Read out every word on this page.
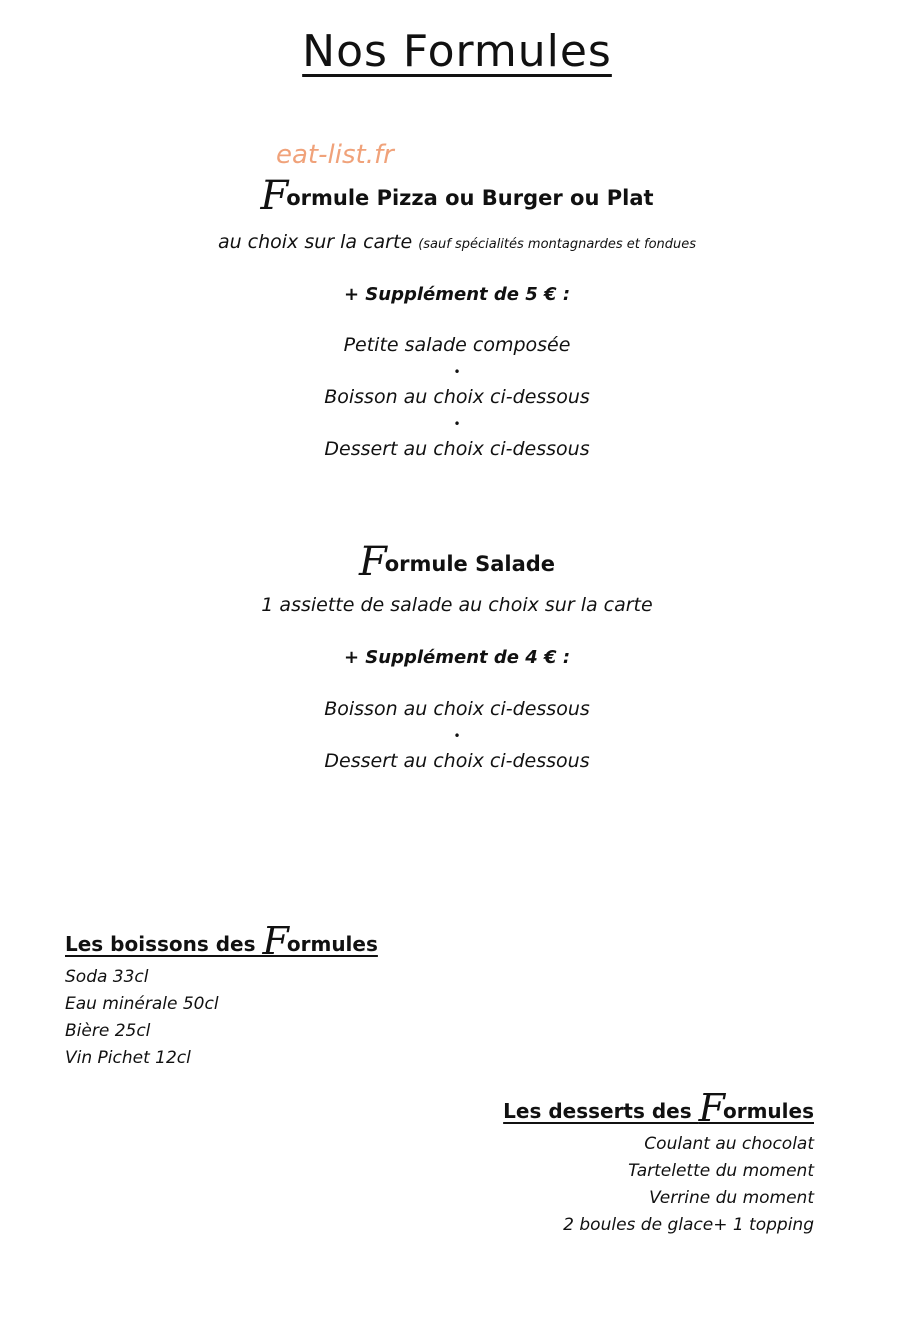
Nos Formules
eat-list.fr
Formule Pizza ou Burger ou Plat
au choix sur la carte (sauf spécialités montagnardes et fondues
+ Supplément de 5 € :
Petite salade composée
•
Boisson au choix ci-dessous
•
Dessert au choix ci-dessous
Formule Salade
1 assiette de salade au choix sur la carte
+ Supplément de 4 € :
Boisson au choix ci-dessous
•
Dessert au choix ci-dessous
Les boissons des Formules
Soda 33cl
Eau minérale 50cl
Bière 25cl
Vin Pichet 12cl
Les desserts des Formules
Coulant au chocolat
Tartelette du moment
Verrine du moment
2 boules de glace+ 1 topping
